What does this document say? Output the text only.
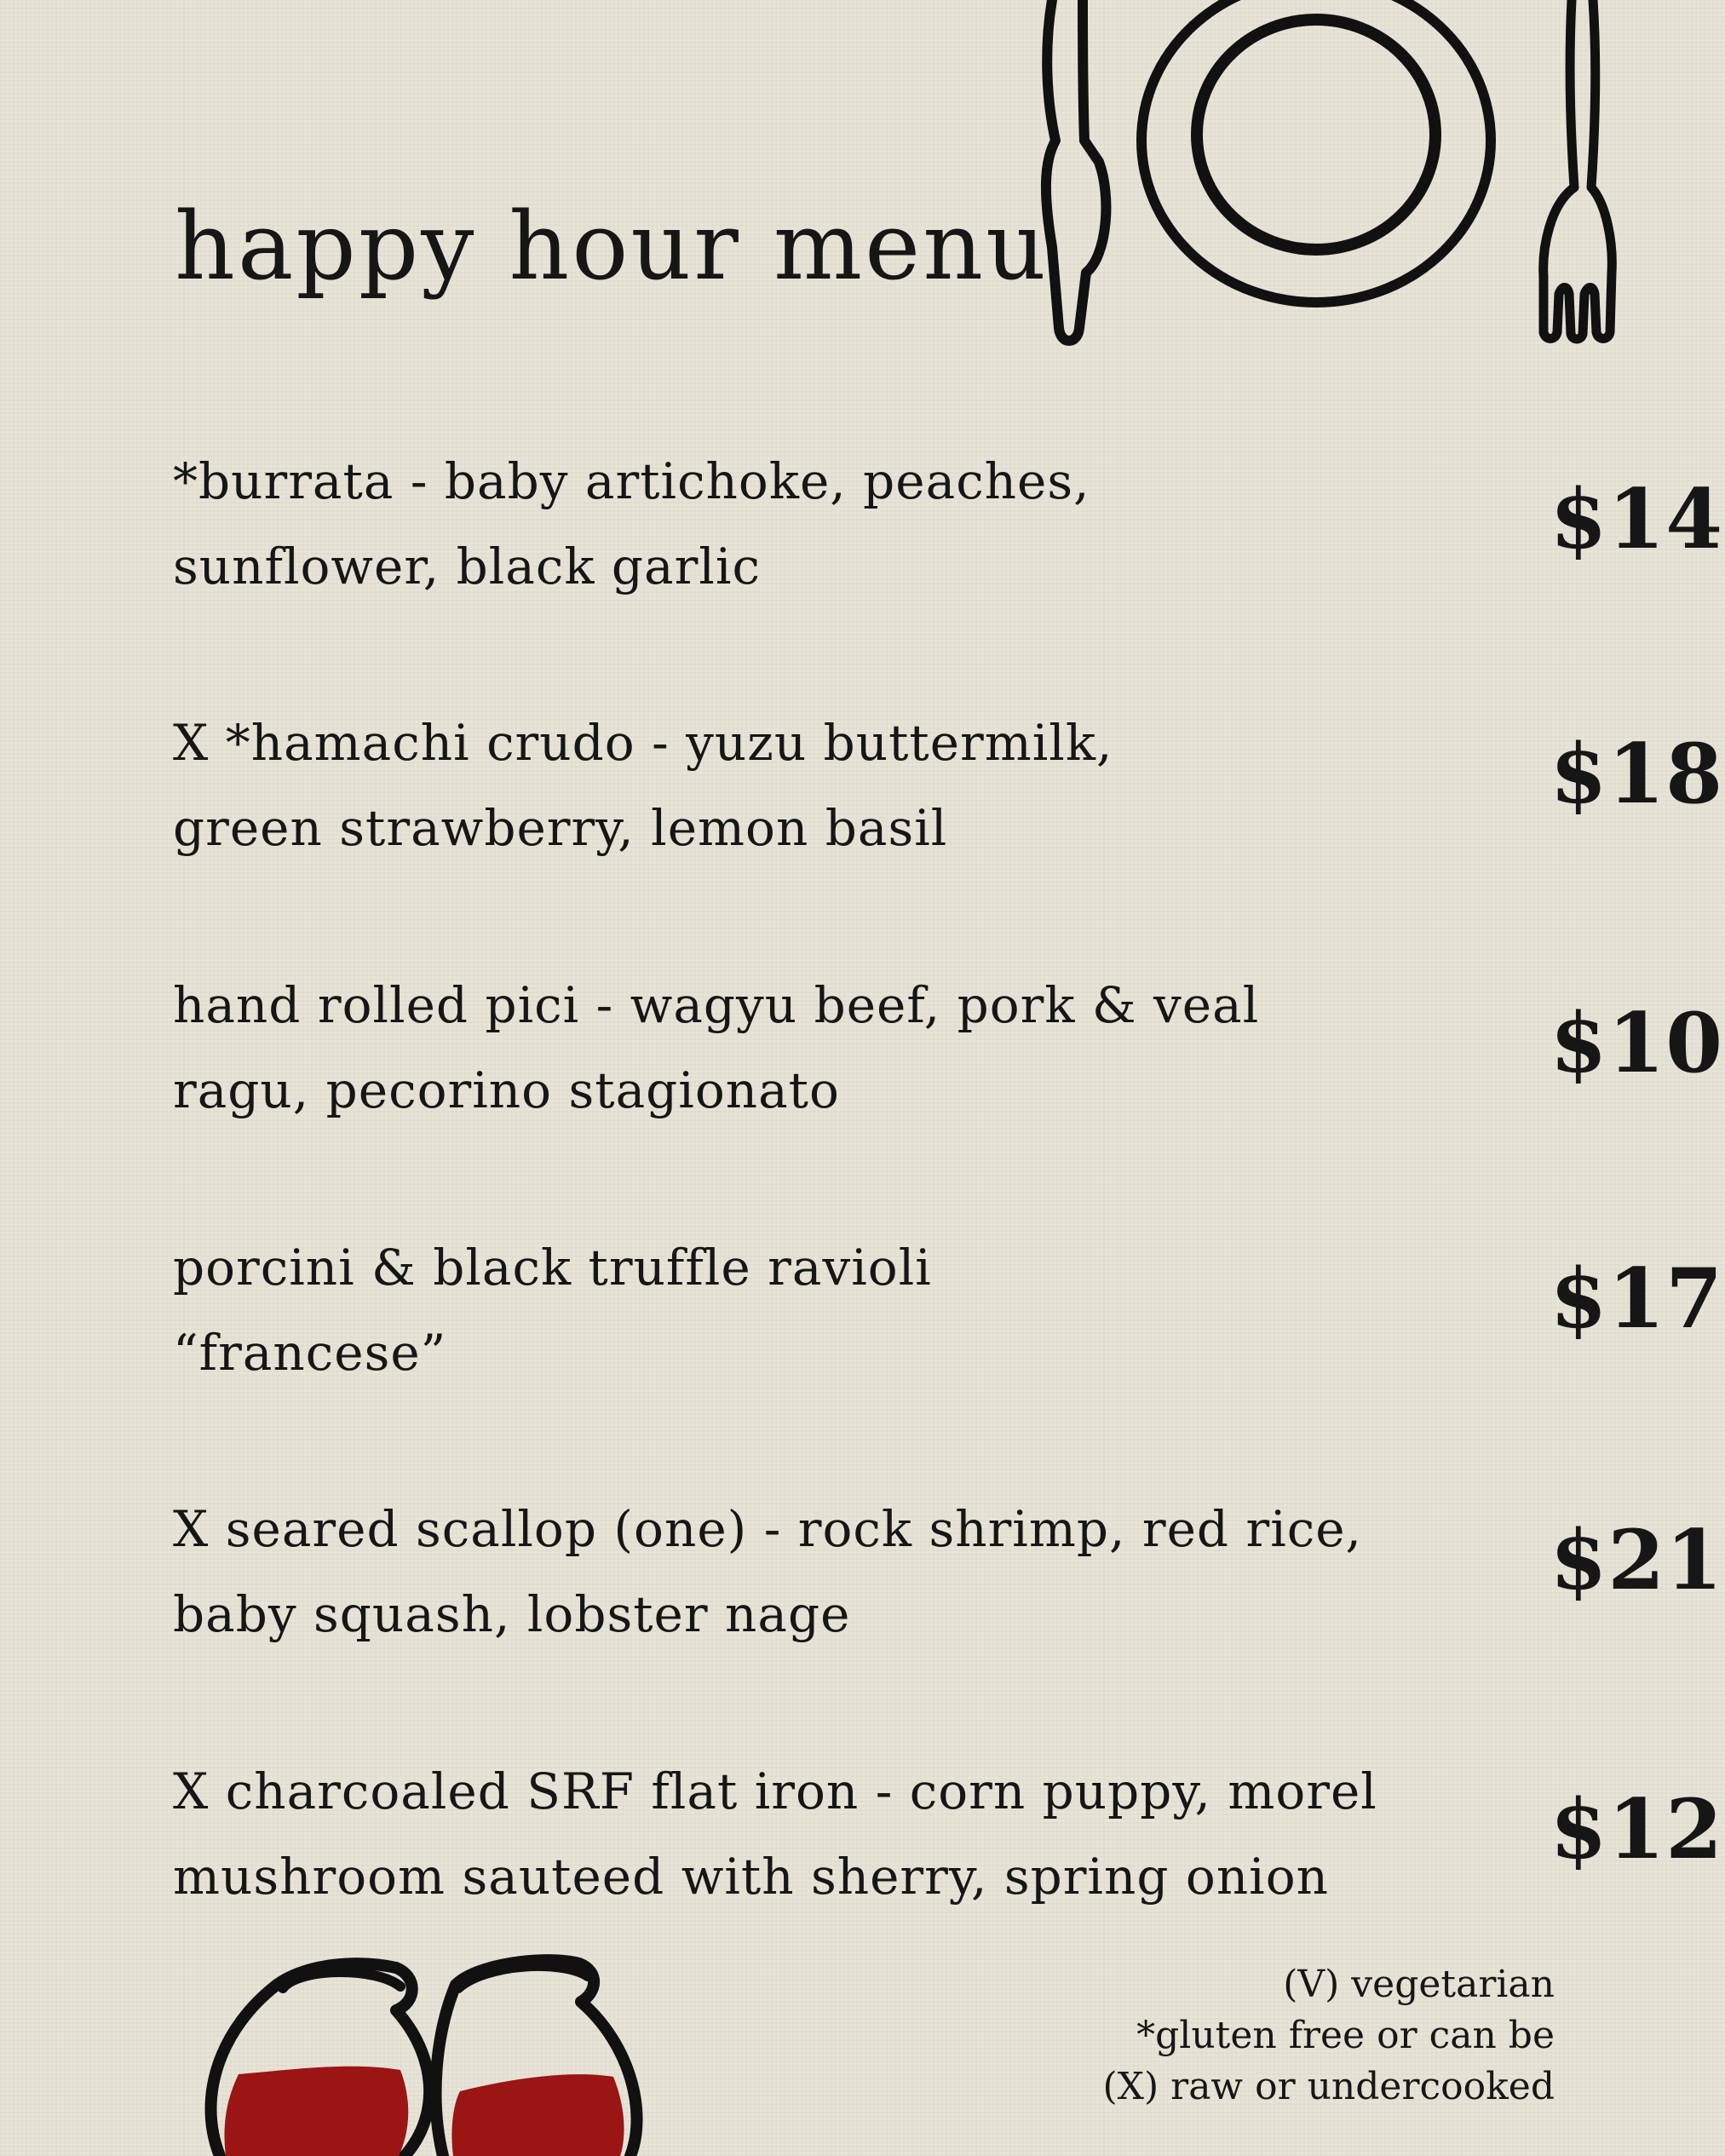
happy hour menu
*burrata - baby artichoke, peaches,
sunflower, black garlic	$14
X *hamachi crudo - yuzu buttermilk,
green strawberry, lemon basil
$18
hand rolled pici - wagyu beef, pork & veal
ragu, pecorino stagionato	$10
porcini & black truffle ravioli
“francese”
$17
X seared scallop (one) - rock shrimp, red rice,
baby squash, lobster nage
$21
X charcoaled SRF flat iron - corn puppy, morel
mushroom sauteed with sherry, spring onion	$12
(V) vegetarian
*gluten free or can be
(X) raw or undercooked
